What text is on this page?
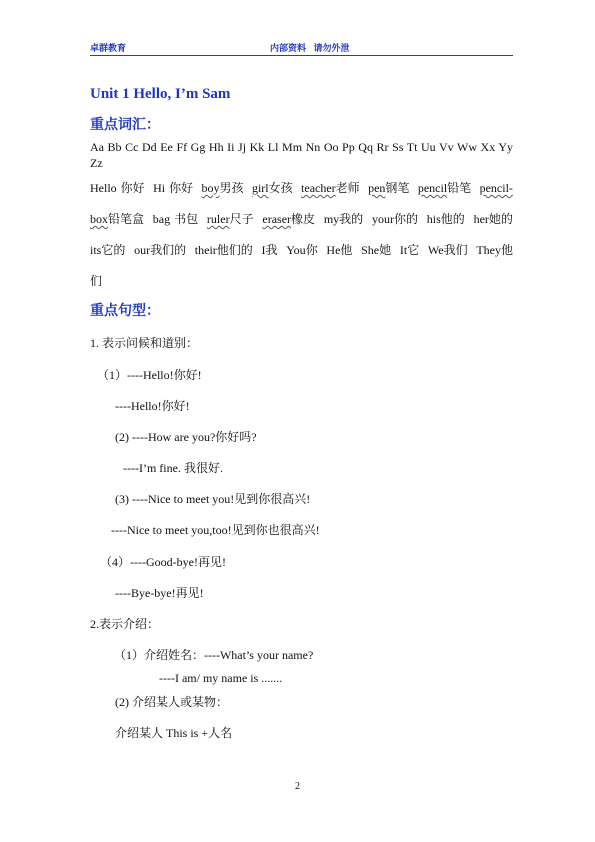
卓群教育	内部资料 请勿外泄
Unit 1 Hello, I’m Sam
重点词汇：
Aa Bb Cc Dd Ee Ff Gg Hh Ii Jj Kk Ll Mm Nn Oo Pp Qq Rr Ss Tt Uu Vv Ww Xx Yy Zz
Hello 你好 Hi 你好 boy男孩 girl女孩 teacher老师 pen钢笔 pencil铅笔 pencil-
box铅笔盒 bag 书包 ruler尺子 eraser橡皮 my我的 your你的 his他的 her她的
its它的 our我们的 their他们的 I我 You你 He他 She她 It它 We我们 They他
们
重点句型：
1. 表示问候和道别：
（1）----Hello!你好!
----Hello!你好!
(2) ----How are you?你好吗?
----I’m fine. 我很好.
(3) ----Nice to meet you!见到你很高兴!
----Nice to meet you,too!见到你也很高兴!
（4）----Good-bye!再见!
----Bye-bye!再见!
2.表示介绍：
（1）介绍姓名：----What’s your name?
----I am/ my name is .......
(2) 介绍某人或某物：
介绍某人 This is +人名
2
